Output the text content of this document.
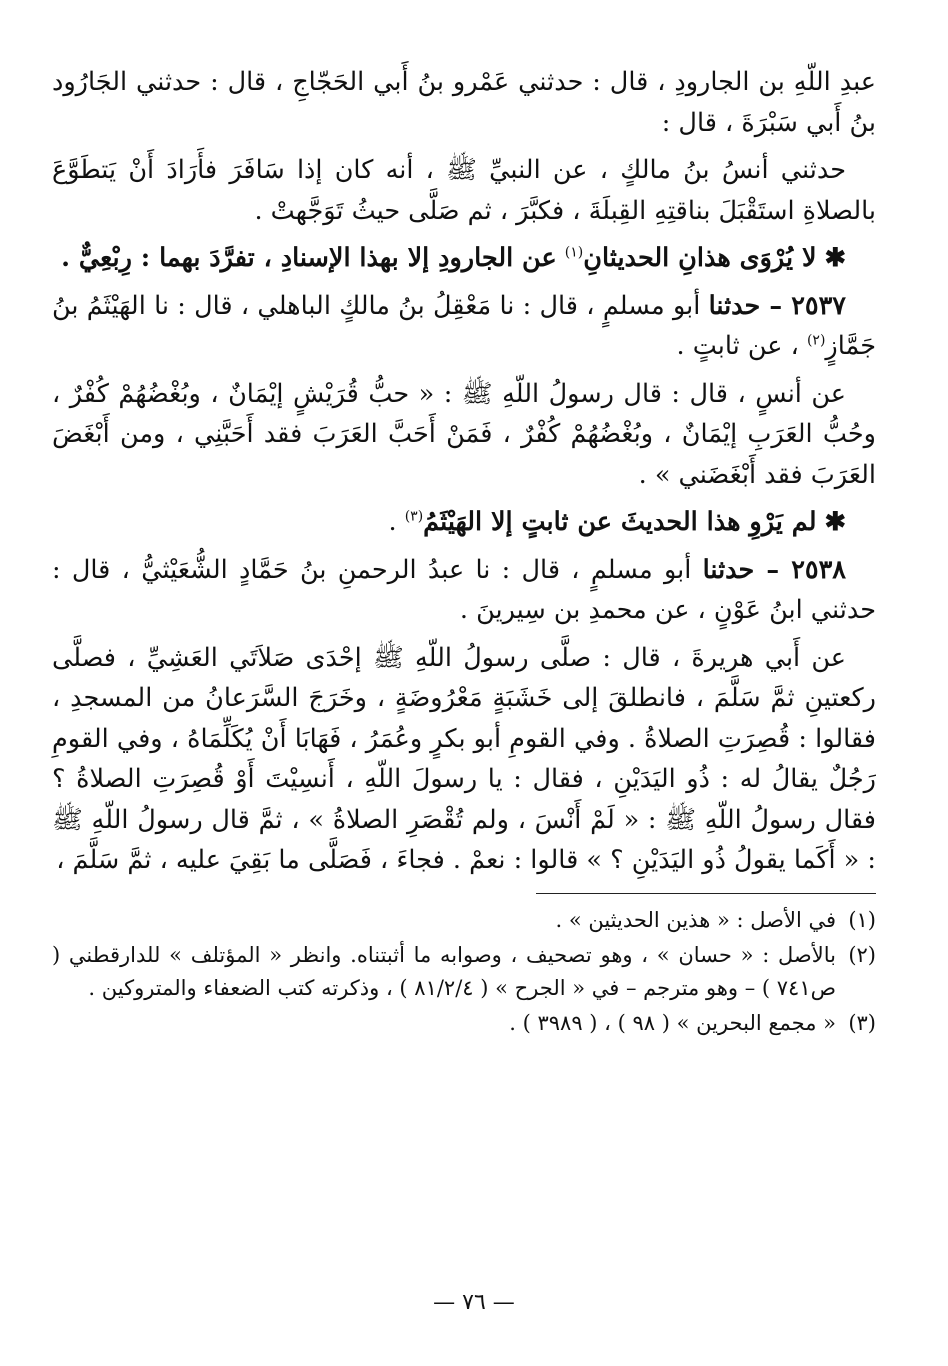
عبدِ اللّهِ بن الجارودِ ، قال : حدثني عَمْرو بنُ أَبي الحَجّاجِ ، قال : حدثني الجَارُود بنُ أَبي سَبْرَةَ ، قال :

حدثني أنسُ بنُ مالكٍ ، عن النبيِّ ﷺ ، أنه كان إذا سَافَرَ فأَرَادَ أَنْ يَتطَوَّعَ بالصلاةِ استَقْبَلَ بناقتِهِ القِبلَةَ ، فكبَّرَ ، ثم صَلَّى حيثُ تَوَجَّهتْ .

✱ لا يُرْوَى هذانِ الحديثانِ$^{(١)}$ عن الجارودِ إلا بهذا الإسنادِ ، تفرَّدَ بهما : رِبْعِيٌّ .

٢٥٣٧ – حدثنا أبو مسلمٍ ، قال : نا مَعْقِلُ بنُ مالكٍ الباهلي ، قال : نا الهَيْثَمُ بنُ جَمَّازٍ$^{(٢)}$ ، عن ثابتٍ .

عن أنسٍ ، قال : قال رسولُ اللّهِ ﷺ : « حبُّ قُرَيْشٍ إيْمَانٌ ، وبُغْضُهُمْ كُفْرٌ ، وحُبُّ العَرَبِ إيْمَانٌ ، وبُغْضُهُمْ كُفْرٌ ، فَمَنْ أَحَبَّ العَرَبَ فقد أَحَبَّنِي ، ومن أَبْغَضَ العَرَبَ فقد أَبْغَضَني » .

✱ لم يَرْوِ هذا الحديثَ عن ثابتٍ إلا الهَيْثَمُ$^{(٣)}$ .

٢٥٣٨ – حدثنا أبو مسلمٍ ، قال : نا عبدُ الرحمنِ بنُ حَمَّادٍ الشُّعَيْثيُّ ، قال : حدثني ابنُ عَوْنٍ ، عن محمدِ بن سِيرينَ .

عن أَبي هريرةَ ، قال : صلَّى رسولُ اللّهِ ﷺ إحْدَى صَلاَتَي العَشِيِّ ، فصلَّى ركعتينِ ثمَّ سَلَّمَ ، فانطلقَ إلى خَشَبَةٍ مَعْرُوضَةٍ ، وخَرَجَ السَّرَعانُ من المسجدِ ، فقالوا : قُصِرَتِ الصلاةُ . وفي القومِ أبو بكرٍ وعُمَرُ ، فَهَابَا أَنْ يُكَلِّمَاهُ ، وفي القومِ رَجُلٌ يقالُ له : ذُو اليَدَيْنِ ، فقال : يا رسولَ اللّهِ ، أَنسِيْتَ أَوْ قُصِرَتِ الصلاةُ ؟ فقال رسولُ اللّهِ ﷺ : « لَمْ أَنْسَ ، ولم تُقْصَرِ الصلاةُ » ، ثمَّ قال رسولُ اللّهِ ﷺ : « أَكَما يقولُ ذُو اليَدَيْنِ ؟ » قالوا : نعمْ . فجاءَ ، فَصَلَّى ما بَقِيَ عليه ، ثمَّ سَلَّمَ ،

(١)
في الأصل : « هذين الحديثين » .
(٢)
بالأصل : « حسان » ، وهو تصحيف ، وصوابه ما أثبتناه. وانظر « المؤتلف » للدارقطني ( ص٧٤١ ) – وهو مترجم – في « الجرح » ( ٨١/٢/٤ ) ، وذكرته كتب الضعفاء والمتروكين .
(٣)
« مجمع البحرين » ( ٩٨ ) ، ( ٣٩٨٩ ) .
— ٧٦ —
